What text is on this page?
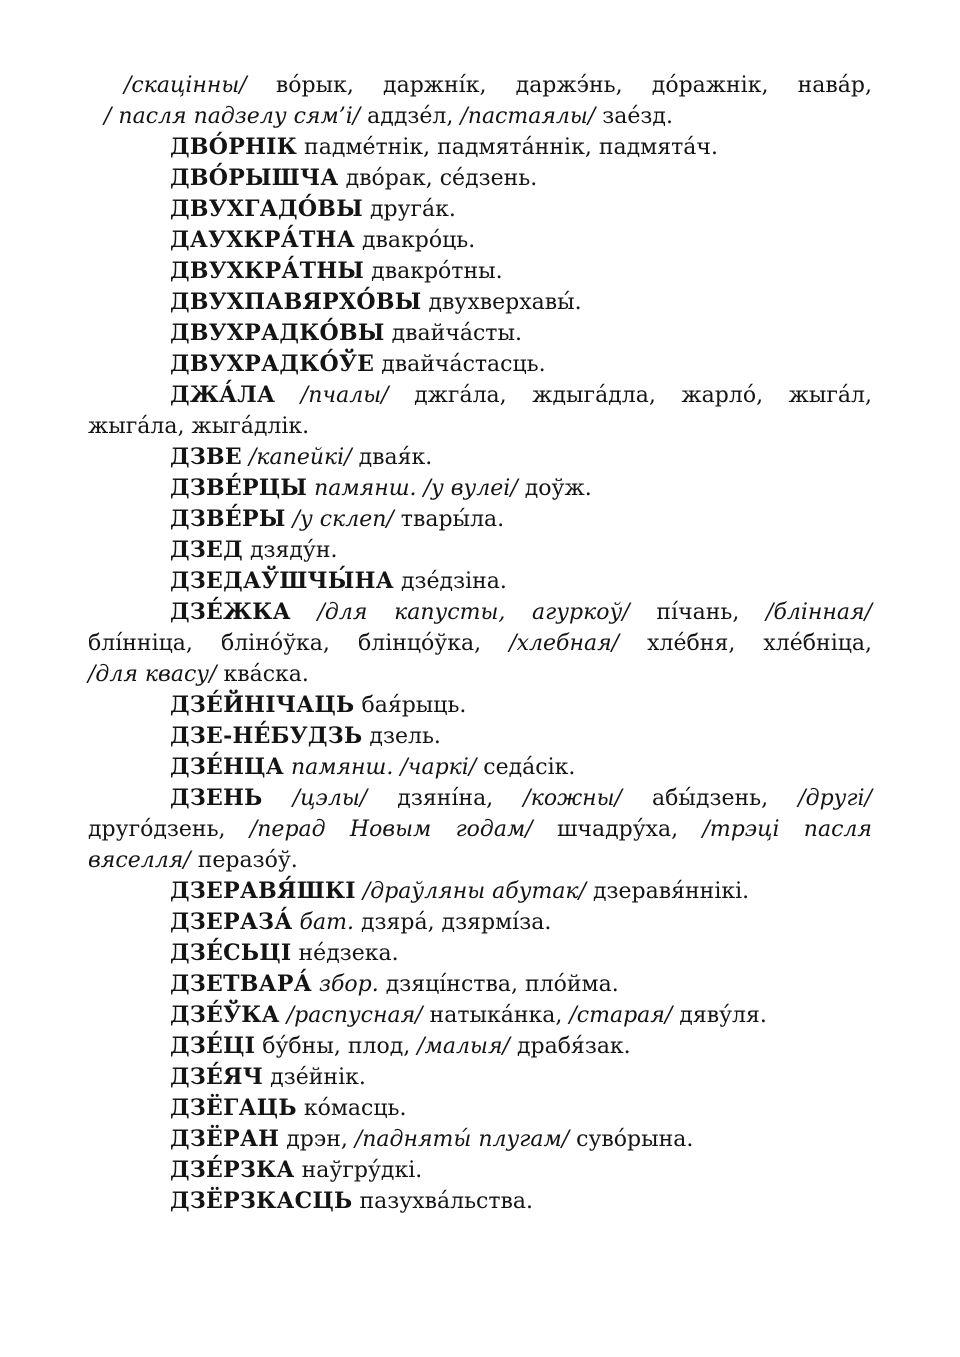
/скацінны/ во́рык, даржні́к, даржэ́нь, до́ражнік, нава́р,
/ пасля падзелу сям’і/ аддзе́л, /пастаялы/ зае́зд.
ДВО́РНІК падме́тнік, падмята́ннік, падмята́ч.
ДВО́РЫШЧА дво́рак, се́дзень.
ДВУХГАДО́ВЫ друга́к.
ДАУХКРА́ТНА двакро́ць.
ДВУХКРА́ТНЫ двакро́тны.
ДВУХПАВЯРХО́ВЫ двухверхавы́.
ДВУХРАДКО́ВЫ двайча́сты.
ДВУХРАДКО́ЎЕ двайча́стасць.
ДЖА́ЛА /пчалы/ джга́ла, ждыга́дла, жарло́, жыга́л,
жыга́ла, жыга́длік.
ДЗВЕ /капейкі/ двая́к.
ДЗВЕ́РЦЫ памянш. /у вулеі/ доўж.
ДЗВЕ́РЫ /у склеп/ твары́ла.
ДЗЕД дзяду́н.
ДЗЕДАЎШЧЫ́НА дзе́дзіна.
ДЗЕ́ЖКА /для капусты, агуркоў/ пі́чань, /блінная/
блі́нніца, бліно́ўка, блінцо́ўка, /хлебная/ хле́бня, хле́бніца,
/для квасу/ ква́ска.
ДЗЕ́ЙНІЧАЦЬ бая́рыць.
ДЗЕ-НЕ́БУДЗЬ дзель.
ДЗЕ́НЦА памянш. /чаркі/ седа́сік.
ДЗЕНЬ /цэлы/ дзяні́на, /кожны/ абы́дзень, /другі/
друго́дзень, /перад Новым годам/ шчадру́ха, /трэці пасля
вяселля/ перазо́ў.
ДЗЕРАВЯ́ШКІ /драўляны абутак/ дзеравя́ннікі.
ДЗЕРАЗА́ бат. дзяра́, дзярмі́за.
ДЗЕ́СЬЦІ не́дзека.
ДЗЕТВАРА́ збор. дзяці́нства, пло́йма.
ДЗЕ́ЎКА /распусная/ натыка́нка, /старая/ дяву́ля.
ДЗЕ́ЦІ бу́бны, плод, /малыя/ драбя́зак.
ДЗЕ́ЯЧ дзе́йнік.
ДЗЁГАЦЬ ко́масць.
ДЗЁРАН дрэн, /падняты́ плугам/ суво́рына.
ДЗЕ́РЗКА наўгру́дкі.
ДЗЁРЗКАСЦЬ пазухва́льства.
